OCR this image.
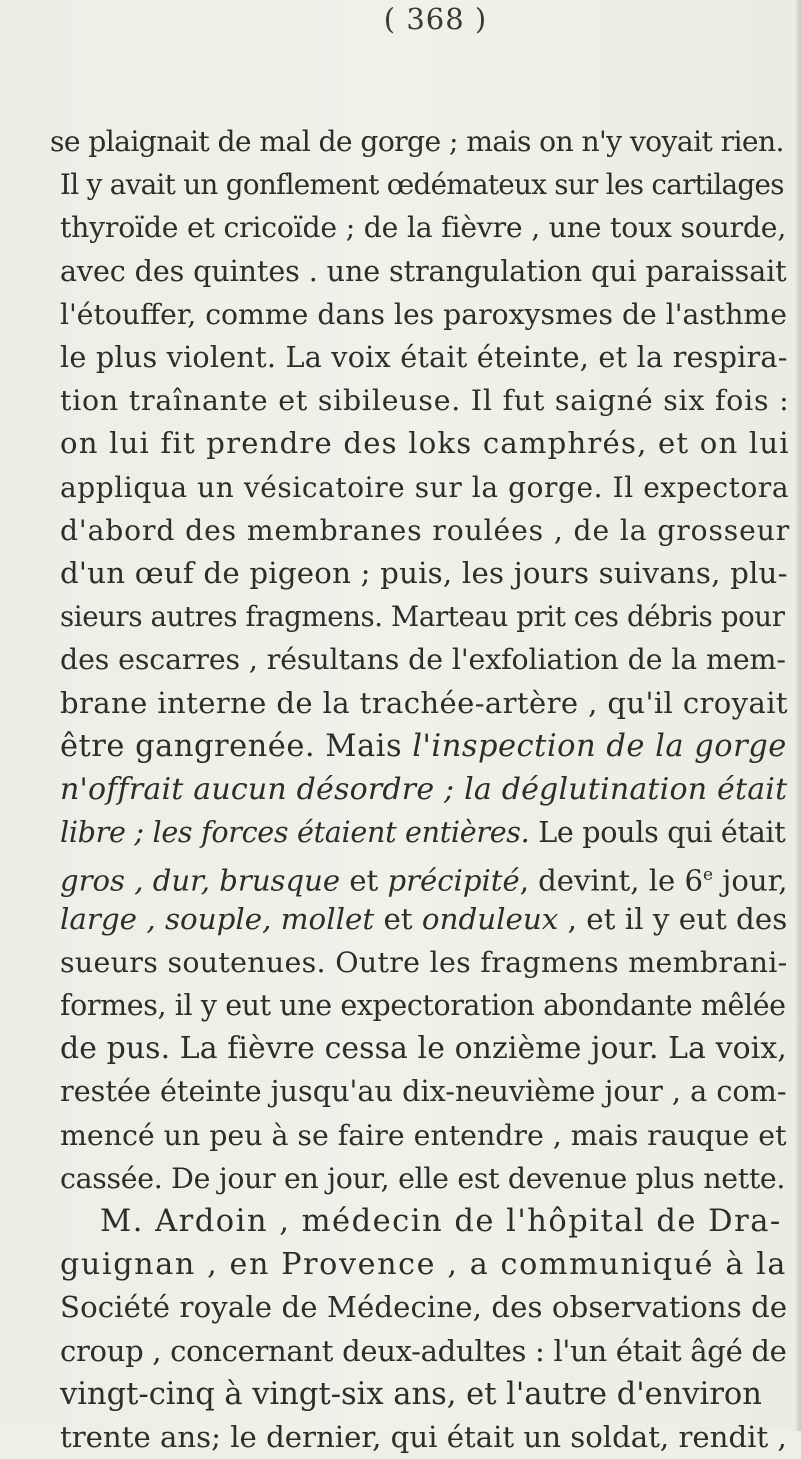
( 368 )
se plaignait de mal de gorge ; mais on n'y voyait rien.
Il y avait un gonflement œdémateux sur les cartilages
thyroïde et cricoïde ; de la fièvre , une toux sourde,
avec des quintes . une strangulation qui paraissait
l'étouffer, comme dans les paroxysmes de l'asthme
le plus violent. La voix était éteinte, et la respira-
tion traînante et sibileuse. Il fut saigné six fois :
on lui fit prendre des loks camphrés, et on lui
appliqua un vésicatoire sur la gorge. Il expectora
d'abord des membranes roulées , de la grosseur
d'un œuf de pigeon ; puis, les jours suivans, plu-
sieurs autres fragmens. Marteau prit ces débris pour
des escarres , résultans de l'exfoliation de la mem-
brane interne de la trachée-artère , qu'il croyait
être gangrenée. Mais l'inspection de la gorge
n'offrait aucun désordre ; la déglutination était
libre ; les forces étaient entières. Le pouls qui était
gros , dur, brusque et précipité, devint, le 6e jour,
large , souple, mollet et onduleux , et il y eut des
sueurs soutenues. Outre les fragmens membrani-
formes, il y eut une expectoration abondante mêlée
de pus. La fièvre cessa le onzième jour. La voix,
restée éteinte jusqu'au dix-neuvième jour , a com-
mencé un peu à se faire entendre , mais rauque et
cassée. De jour en jour, elle est devenue plus nette.
M. Ardoin , médecin de l'hôpital de Dra-
guignan , en Provence , a communiqué à la
Société royale de Médecine, des observations de
croup , concernant deux-adultes : l'un était âgé de
vingt-cinq à vingt-six ans, et l'autre d'environ
trente ans; le dernier, qui était un soldat, rendit ,
